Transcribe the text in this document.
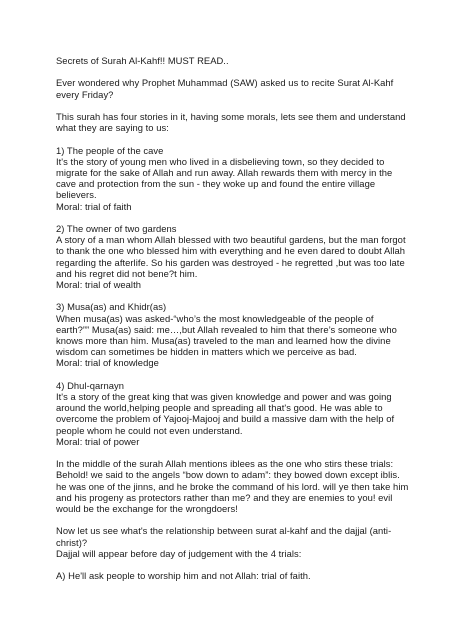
Secrets of Surah Al-Kahf!! MUST READ..
Ever wondered why Prophet Muhammad (SAW) asked us to recite Surat Al-Kahf
every Friday?
This surah has four stories in it, having some morals, lets see them and understand
what they are saying to us:
1) The people of the cave
It's the story of young men who lived in a disbelieving town, so they decided to
migrate for the sake of Allah and run away. Allah rewards them with mercy in the
cave and protection from the sun - they woke up and found the entire village
believers.
Moral: trial of faith
2) The owner of two gardens
A story of a man whom Allah blessed with two beautiful gardens, but the man forgot
to thank the one who blessed him with everything and he even dared to doubt Allah
regarding the afterlife. So his garden was destroyed - he regretted ,but was too late
and his regret did not bene?t him.
Moral: trial of wealth
3) Musa(as) and Khidr(as)
When musa(as) was asked-“who’s the most knowledgeable of the people of
earth?”” Musa(as) said: me…,but Allah revealed to him that there’s someone who
knows more than him. Musa(as) traveled to the man and learned how the divine
wisdom can sometimes be hidden in matters which we perceive as bad.
Moral: trial of knowledge
4) Dhul-qarnayn
It's a story of the great king that was given knowledge and power and was going
around the world,helping people and spreading all that's good. He was able to
overcome the problem of Yajooj-Majooj and build a massive dam with the help of
people whom he could not even understand.
Moral: trial of power
In the middle of the surah Allah mentions iblees as the one who stirs these trials:
Behold! we said to the angels “bow down to adam”: they bowed down except iblis.
he was one of the jinns, and he broke the command of his lord. will ye then take him
and his progeny as protectors rather than me? and they are enemies to you! evil
would be the exchange for the wrongdoers!
Now let us see what's the relationship between surat al-kahf and the dajjal (anti-
christ)?
Dajjal will appear before day of judgement with the 4 trials:
A) He'll ask people to worship him and not Allah: trial of faith.
